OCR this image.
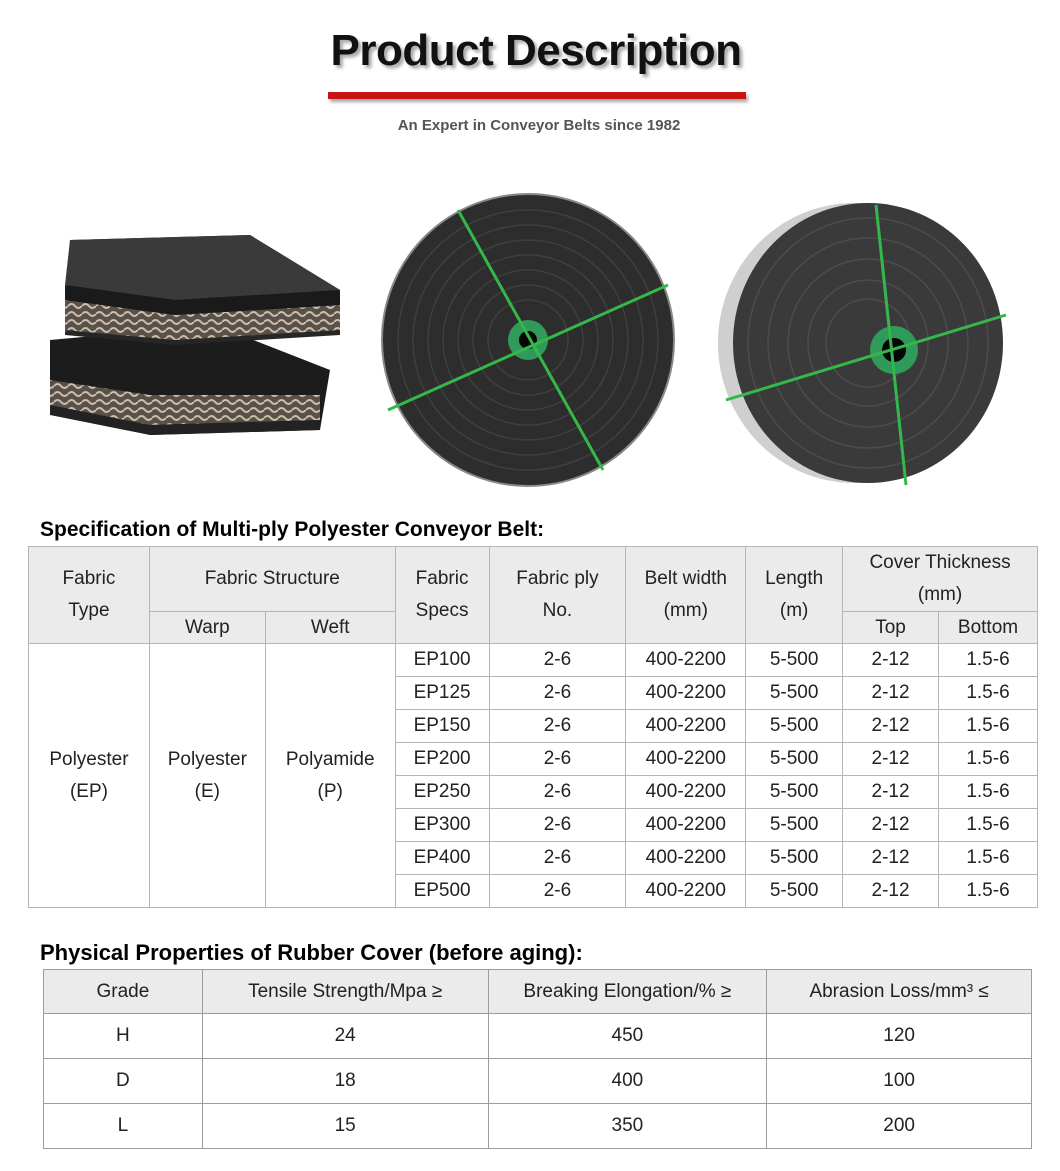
Product Description
An Expert in Conveyor Belts since 1982
Specification of Multi-ply Polyester Conveyor Belt:
Fabric Type	Fabric Structure		Fabric Specs	Fabric ply No.	Belt width (mm)	Length (m)	Cover Thickness (mm)	

	Warp	Weft					Top	Bottom

Polyester (EP)	Polyester (E)	Polyamide (P)	EP100	2-6	400-2200	5-500	2-12	1.5-6
			EP125	2-6	400-2200	5-500	2-12	1.5-6
			EP150	2-6	400-2200	5-500	2-12	1.5-6
			EP200	2-6	400-2200	5-500	2-12	1.5-6
			EP250	2-6	400-2200	5-500	2-12	1.5-6
			EP300	2-6	400-2200	5-500	2-12	1.5-6
			EP400	2-6	400-2200	5-500	2-12	1.5-6
			EP500	2-6	400-2200	5-500	2-12	1.5-6
Physical Properties of Rubber Cover (before aging):
Grade	Tensile Strength/Mpa ≥	Breaking Elongation/% ≥	Abrasion Loss/mm³ ≤
H	24	450	120
D	18	400	100
L	15	350	200
